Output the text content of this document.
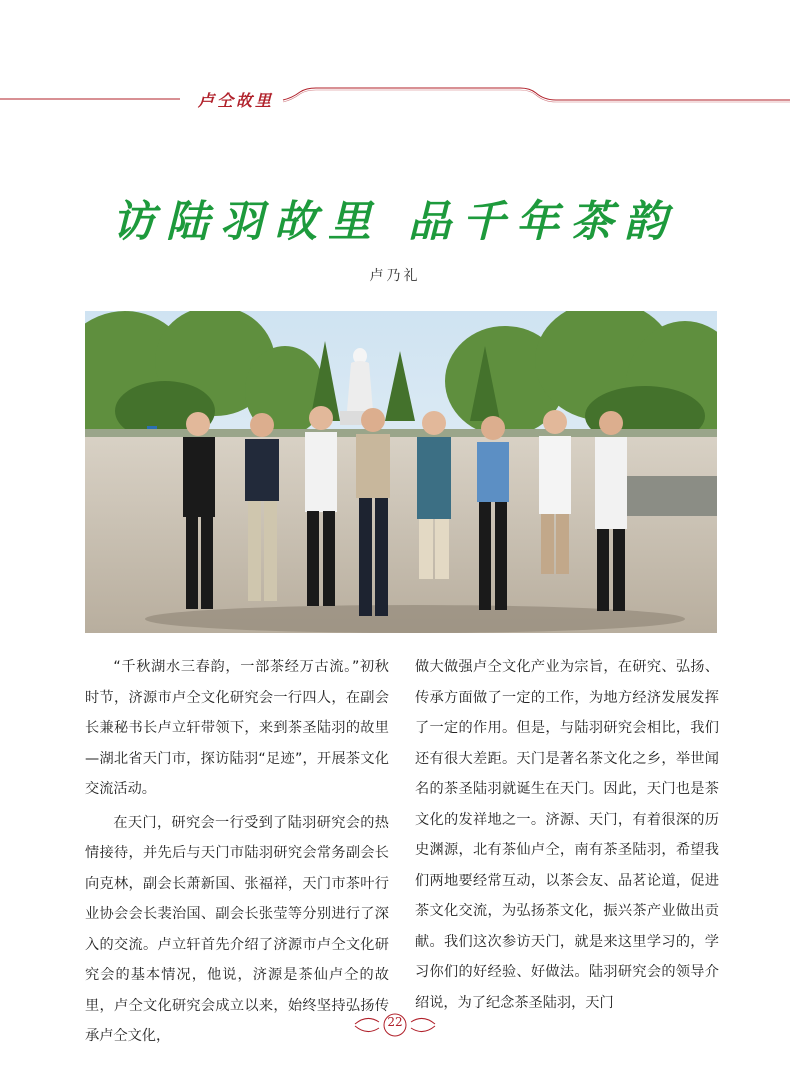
卢仝故里
访陆羽故里 品千年茶韵
卢乃礼

“千秋湖水三春韵，一部茶经万古流。”初秋时节，济源市卢仝文化研究会一行四人，在副会长兼秘书长卢立轩带领下，来到茶圣陆羽的故里—湖北省天门市，探访陆羽“足迹”，开展茶文化交流活动。

在天门，研究会一行受到了陆羽研究会的热情接待，并先后与天门市陆羽研究会常务副会长向克林，副会长萧新国、张福祥，天门市茶叶行业协会会长裴治国、副会长张莹等分别进行了深入的交流。卢立轩首先介绍了济源市卢仝文化研究会的基本情况，他说，济源是茶仙卢仝的故里，卢仝文化研究会成立以来，始终坚持弘扬传承卢仝文化，

做大做强卢仝文化产业为宗旨，在研究、弘扬、传承方面做了一定的工作，为地方经济发展发挥了一定的作用。但是，与陆羽研究会相比，我们还有很大差距。天门是著名茶文化之乡，举世闻名的茶圣陆羽就诞生在天门。因此，天门也是茶文化的发祥地之一。济源、天门，有着很深的历史渊源，北有茶仙卢仝，南有茶圣陆羽，希望我们两地要经常互动，以茶会友、品茗论道，促进茶文化交流，为弘扬茶文化，振兴茶产业做出贡献。我们这次参访天门，就是来这里学习的，学习你们的好经验、好做法。陆羽研究会的领导介绍说，为了纪念茶圣陆羽，天门

22
